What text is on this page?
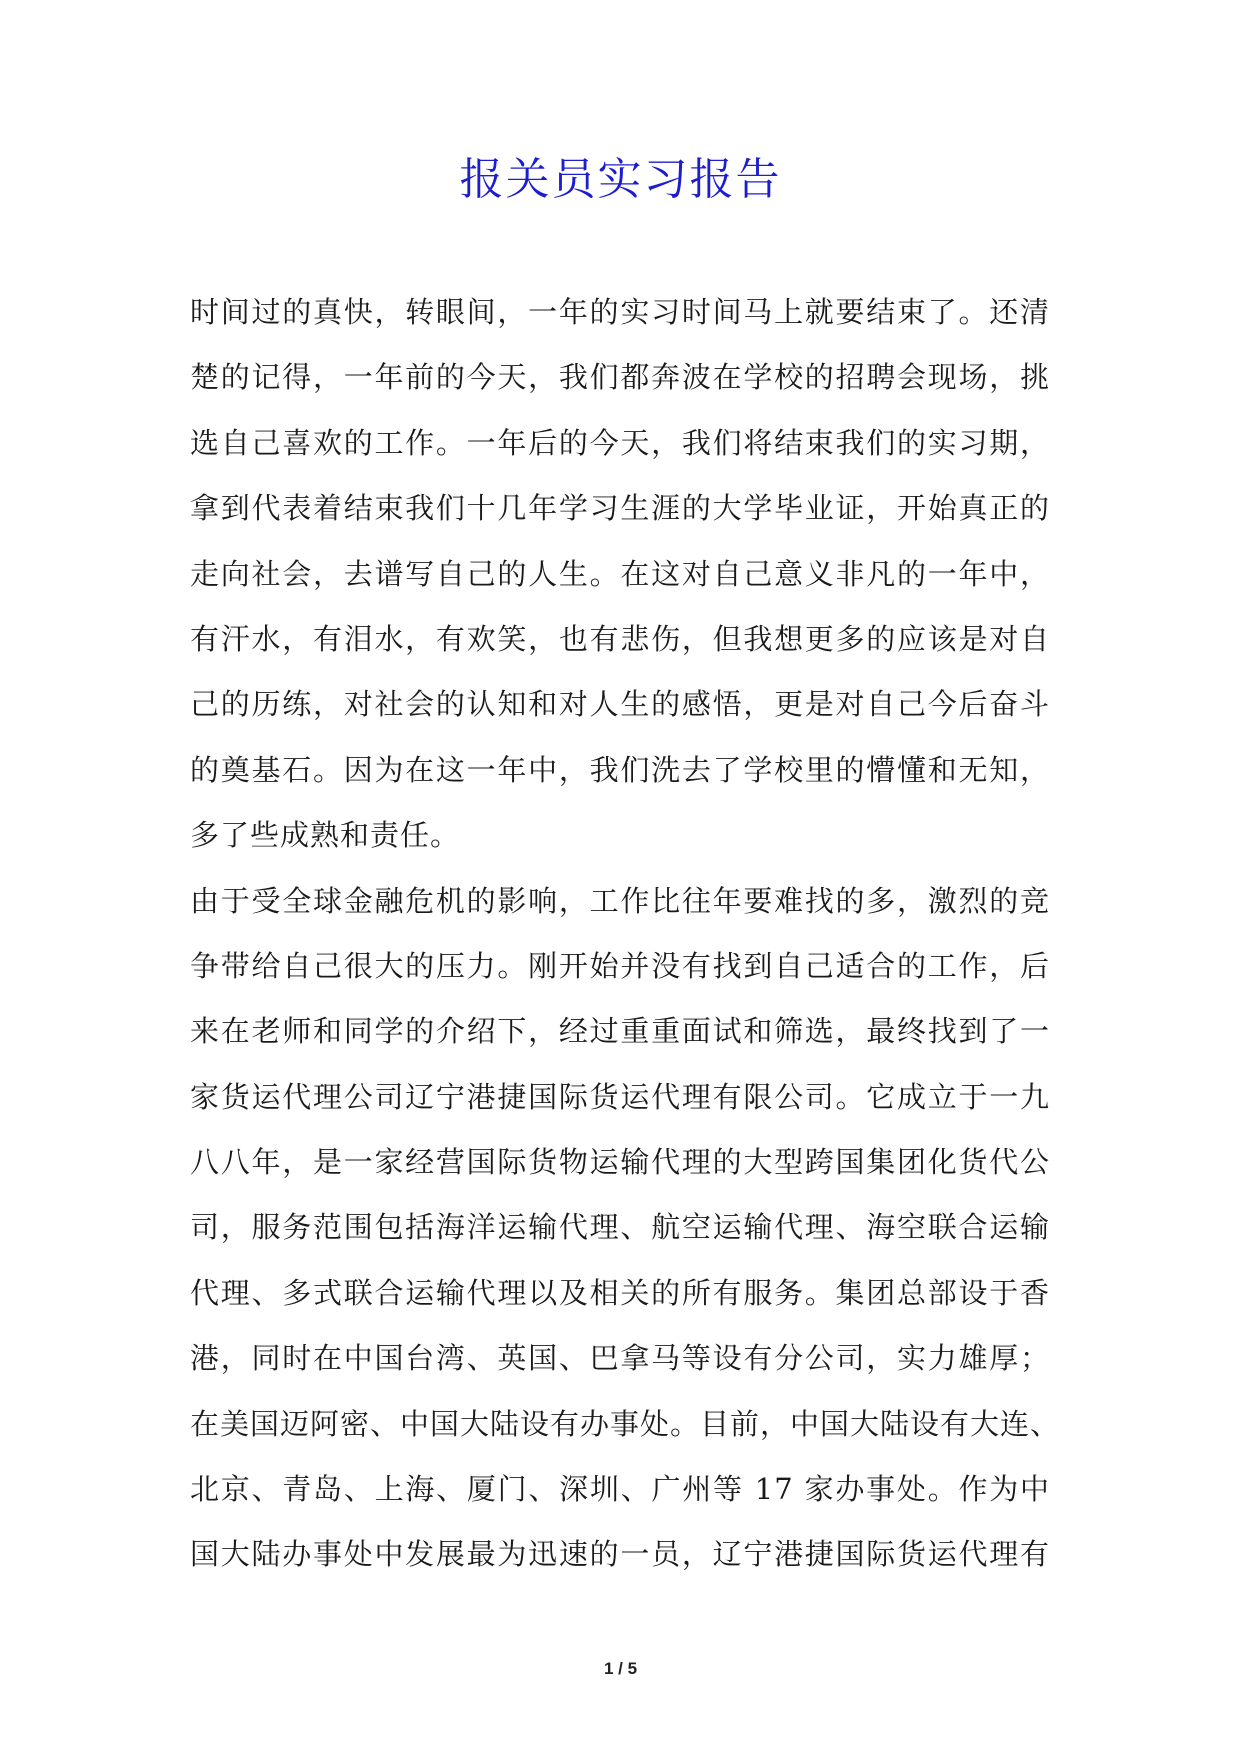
报关员实习报告
时间过的真快，转眼间，一年的实习时间马上就要结束了。还清
楚的记得，一年前的今天，我们都奔波在学校的招聘会现场，挑
选自己喜欢的工作。一年后的今天，我们将结束我们的实习期，
拿到代表着结束我们十几年学习生涯的大学毕业证，开始真正的
走向社会，去谱写自己的人生。在这对自己意义非凡的一年中，
有汗水，有泪水，有欢笑，也有悲伤，但我想更多的应该是对自
己的历练，对社会的认知和对人生的感悟，更是对自己今后奋斗
的奠基石。因为在这一年中，我们洗去了学校里的懵懂和无知，
多了些成熟和责任。
由于受全球金融危机的影响，工作比往年要难找的多，激烈的竞
争带给自己很大的压力。刚开始并没有找到自己适合的工作，后
来在老师和同学的介绍下，经过重重面试和筛选，最终找到了一
家货运代理公司辽宁港捷国际货运代理有限公司。它成立于一九
八八年，是一家经营国际货物运输代理的大型跨国集团化货代公
司，服务范围包括海洋运输代理、航空运输代理、海空联合运输
代理、多式联合运输代理以及相关的所有服务。集团总部设于香
港，同时在中国台湾、英国、巴拿马等设有分公司，实力雄厚；
在美国迈阿密、中国大陆设有办事处。目前，中国大陆设有大连、
北京、青岛、上海、厦门、深圳、广州等 17 家办事处。作为中
国大陆办事处中发展最为迅速的一员，辽宁港捷国际货运代理有
1 / 5
